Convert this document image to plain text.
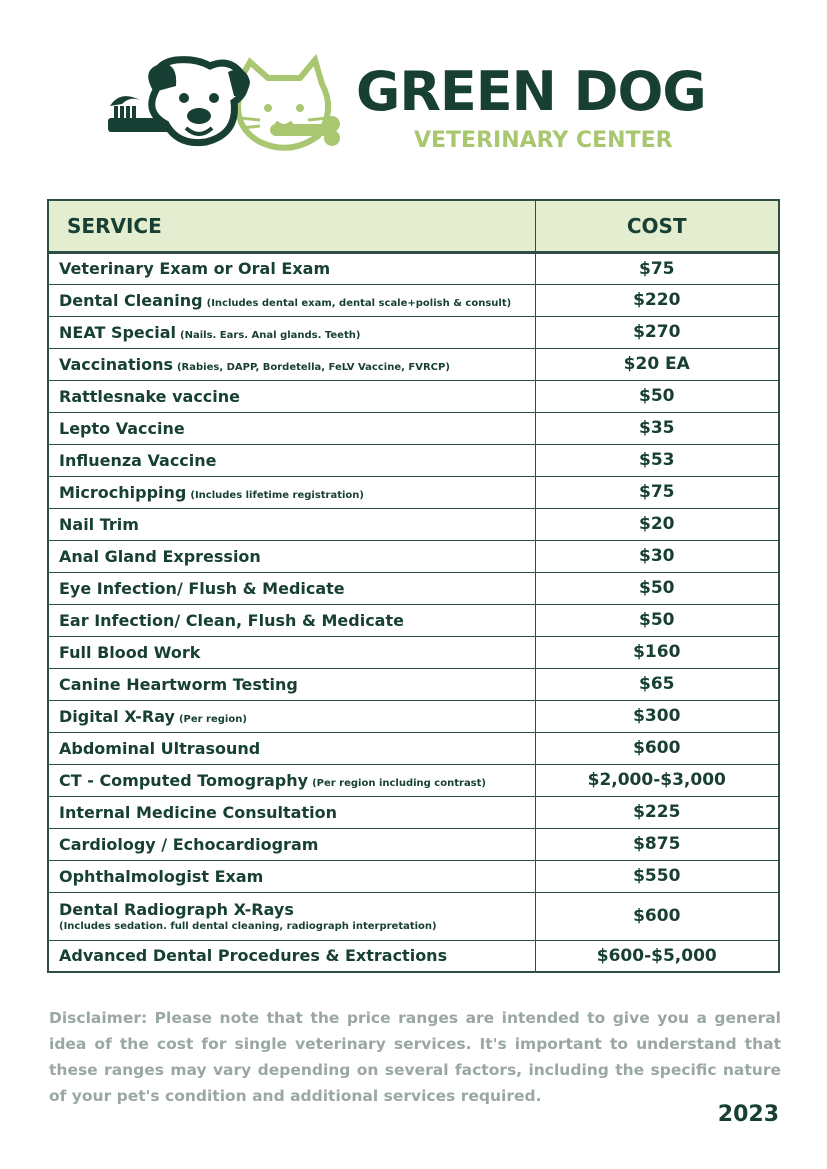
GREEN DOG
VETERINARY CENTER
SERVICE	COST
Veterinary Exam or Oral Exam	$75
Dental Cleaning (Includes dental exam, dental scale+polish & consult)	$220
NEAT Special (Nails. Ears. Anal glands. Teeth)	$270
Vaccinations (Rabies, DAPP, Bordetella, FeLV Vaccine, FVRCP)	$20 EA
Rattlesnake vaccine	$50
Lepto Vaccine	$35
Influenza Vaccine	$53
Microchipping (Includes lifetime registration)	$75
Nail Trim	$20
Anal Gland Expression	$30
Eye Infection/ Flush & Medicate	$50
Ear Infection/ Clean, Flush & Medicate	$50
Full Blood Work	$160
Canine Heartworm Testing	$65
Digital X-Ray (Per region)	$300
Abdominal Ultrasound	$600
CT - Computed Tomography (Per region including contrast)	$2,000-$3,000
Internal Medicine Consultation	$225
Cardiology / Echocardiogram	$875
Ophthalmologist Exam	$550
Dental Radiograph X-Rays
(Includes sedation. full dental cleaning, radiograph interpretation)	$600
Advanced Dental Procedures & Extractions	$600-$5,000
Disclaimer: Please note that the price ranges are intended to give you a general idea of the cost for single veterinary services. It's important to understand that these ranges may vary depending on several factors, including the specific nature of your pet's condition and additional services required.
2023
